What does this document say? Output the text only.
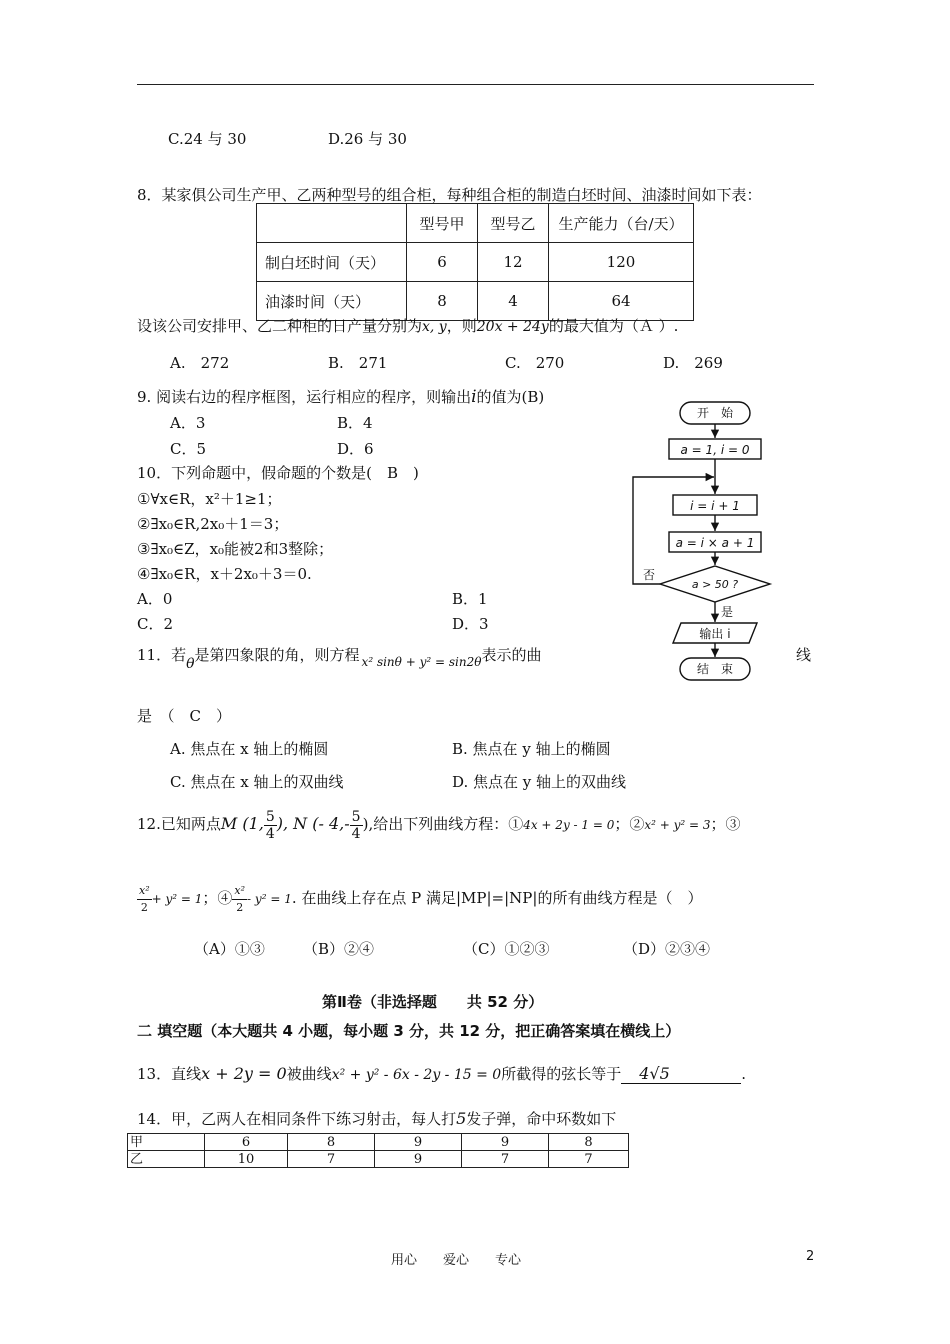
C.24 与 30	D.26 与 30
8．某家俱公司生产甲、乙两种型号的组合柜，每种组合柜的制造白坯时间、油漆时间如下表：
	型号甲	型号乙	生产能力（台/天）
制白坯时间（天）	6	12	120
油漆时间（天）	8	4	64
设该公司安排甲、乙二种柜的日产量分别为x, y，则20x + 24y的最大值为（Ａ ）.
A.　272	B.　271	C.　270	D.　269
9. 阅读右边的程序框图，运行相应的程序，则输出i的值为(B)
A．3	B．4
C．5	D．6
10．下列命题中，假命题的个数是(　B　)
①∀x∈R，x²＋1≥1；
②∃x₀∈R,2x₀＋1＝3；
③∃x₀∈Z，x₀能被2和3整除；
④∃x₀∈R，x＋2x₀＋3＝0.
A．0	B．1
C．2	D．3
开　始
a = 1, i = 0
i = i + 1
a = i × a + 1
a > 50 ?
否
是
输出 i
结　束
11．若θ是第四象限的角，则方程 $_{x^2 sin\theta + y^2 = sin2\theta}$表示的曲	线
是　（　C　）
A. 焦点在 x 轴上的椭圆	B. 焦点在 y 轴上的椭圆
C. 焦点在 x 轴上的双曲线	D. 焦点在 y 轴上的双曲线
12.已知两点M (1, $\frac{5}{4}$ ), N (- $4,- \frac{5}{4}$ ),给出下列曲线方程：①4x + 2y - 1 = 0；②x² + y² = 3；③
$\frac{\text{x²}}{2} + y^2 = 1$；④ $\frac{\text{x²}}{2} - y^2 = 1$. 在曲线上存在点 P 满足|MP|=|NP|的所有曲线方程是（　）
（A）①③	（B）②④	（C）①②③	（D）②③④
第Ⅱ卷（非选择题　　共 52 分）
二 填空题（本大题共 4 小题，每小题 3 分，共 12 分，把正确答案填在横线上）
13．直线x + 2y = 0被曲线x² + y² - 6x - 2y - 15 = 0所截得的弦长等于 4√5	.
14．甲，乙两人在相同条件下练习射击，每人打5发子弹，命中环数如下
甲	6	8	9	9	8
乙	10	7	9	7	7
用心　　爱心　　专心	2
